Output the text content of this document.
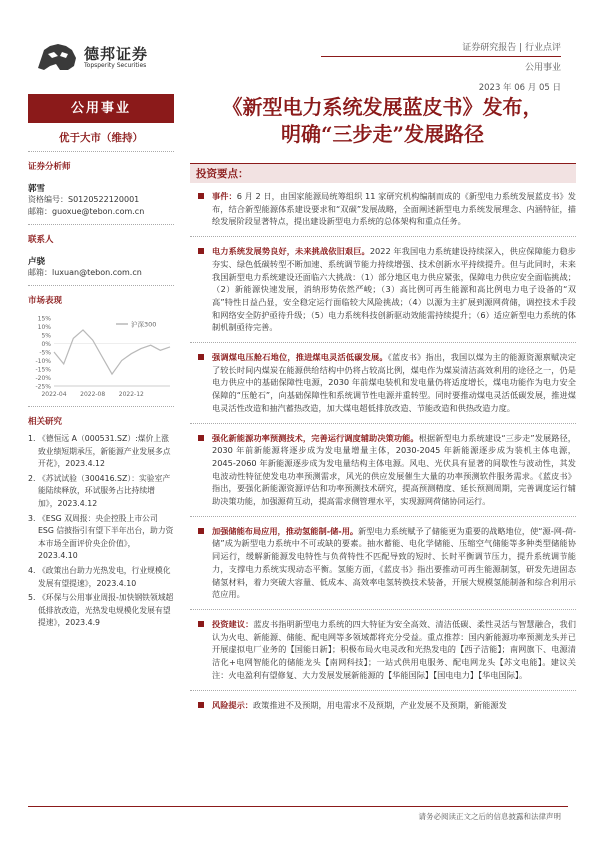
德邦证券
Topsperity Securities
证券研究报告 | 行业点评
公用事业
2023 年 06 月 05 日
公用事业
优于大市（维持）
证券分析师
郭雪
资格编号：S0120522120001
邮箱：guoxue@tebon.com.cn
联系人
卢骁
邮箱：luxuan@tebon.com.cn
市场表现
15%
10%
5%
0%
-5%
-10%
-15%
-20%
-25%
2022-04 2022-08 2022-12
沪深300
相关研究
1. 《德恒远 A（000531.SZ）:煤价上涨致业绩短期承压，新能源产业发展多点开花》，2023.4.12
2. 《苏试试验（300416.SZ）：实验室产能陆续释放，环试服务占比持续增加》，2023.4.12
3. 《ESG 双周报：央企控股上市公司 ESG 信披指引有望下半年出台，助力资本市场全面评价央企价值》，2023.4.10
4. 《政策出台助力光热发电，行业规模化发展有望提速》，2023.4.10
5. 《环保与公用事业周报-加快钢铁领域超低排放改造，光热发电规模化发展有望提速》，2023.4.9
《新型电力系统发展蓝皮书》发布，
明确“三步走”发展路径
投资要点：
事件：6 月 2 日，由国家能源局统筹组织 11 家研究机构编制而成的《新型电力系统发展蓝皮书》发布，结合新型能源体系建设要求和“双碳”发展战略，全面阐述新型电力系统发展理念、内涵特征，描绘发展阶段显著特点，提出建设新型电力系统的总体架构和重点任务。
电力系统发展势良好，未来挑战依旧艰巨。2022 年我国电力系统建设持续深入，供应保障能力稳步夯实、绿色低碳转型不断加速、系统调节能力持续增强、技术创新水平持续提升。但与此同时，未来我国新型电力系统建设还面临六大挑战：（1）部分地区电力供应紧张，保障电力供应安全面临挑战；（2）新能源快速发展，消纳形势依然严峻；（3）高比例可再生能源和高比例电力电子设备的“双高”特性日益凸显，安全稳定运行面临较大风险挑战；（4）以源为主扩展到源网荷储，调控技术手段和网络安全防护亟待升级；（5）电力系统科技创新驱动效能需持续提升；（6）适应新型电力系统的体制机制亟待完善。
强调煤电压舱石地位，推进煤电灵活低碳发展。《蓝皮书》指出，我国以煤为主的能源资源禀赋决定了较长时间内煤炭在能源供给结构中仍将占较高比例，煤电作为煤炭清洁高效利用的途径之一，仍是电力供应中的基础保障性电源，2030 年前煤电装机和发电量仍将适度增长，煤电功能作为电力安全保障的“压舱石”，向基础保障性和系统调节性电源并重转型。同时要推动煤电灵活低碳发展，推进煤电灵活性改造和抽汽蓄热改造，加大煤电超低排放改造、节能改造和供热改造力度。
强化新能源功率预测技术，完善运行调度辅助决策功能。根据新型电力系统建设“三步走”发展路径，2030 年前新能源将逐步成为发电量增量主体，2030-2045 年新能源逐步成为装机主体电源，2045-2060 年新能源逐步成为发电量结构主体电源。风电、光伏具有显著的间歇性与波动性，其发电波动性特征使发电功率预测需求，风光的供应发展催生大量的功率预测软件服务需求。《蓝皮书》指出，要强化新能源资源评估和功率预测技术研究，提高预测精度、延长预测周期，完善调度运行辅助决策功能，加强源荷互动，提高需求侧管理水平，实现源网荷储协同运行。
加强储能布局应用，推动氢能制-储-用。新型电力系统赋予了储能更为重要的战略地位，使“源-网-荷-储”成为新型电力系统中不可或缺的要素。抽水蓄能、电化学储能、压缩空气储能等多种类型储能协同运行，缓解新能源发电特性与负荷特性不匹配导致的短时、长时平衡调节压力，提升系统调节能力，支撑电力系统实现动态平衡。氢能方面，《蓝皮书》指出要推动可再生能源制氢，研发先进固态储氢材料，着力突破大容量、低成本、高效率电氢转换技术装备，开展大规模氢能制备和综合利用示范应用。
投资建议：蓝皮书指明新型电力系统的四大特征为安全高效、清洁低碳、柔性灵活与智慧融合，我们认为火电、新能源、储能、配电网等多领域都将充分受益。重点推荐：国内新能源功率预测龙头并已开展虚拟电厂业务的【国能日新】；积极布局火电灵改和光热发电的【西子洁能】；南网旗下、电源清洁化+电网智能化的储能龙头【南网科技】；一站式供用电服务、配电网龙头【苏文电能】。建议关注：火电盈利有望修复、大力发展发展新能源的【华能国际】【国电电力】【华电国际】。
风险提示：政策推进不及预期，用电需求不及预期，产业发展不及预期，新能源发
请务必阅读正文之后的信息披露和法律声明
